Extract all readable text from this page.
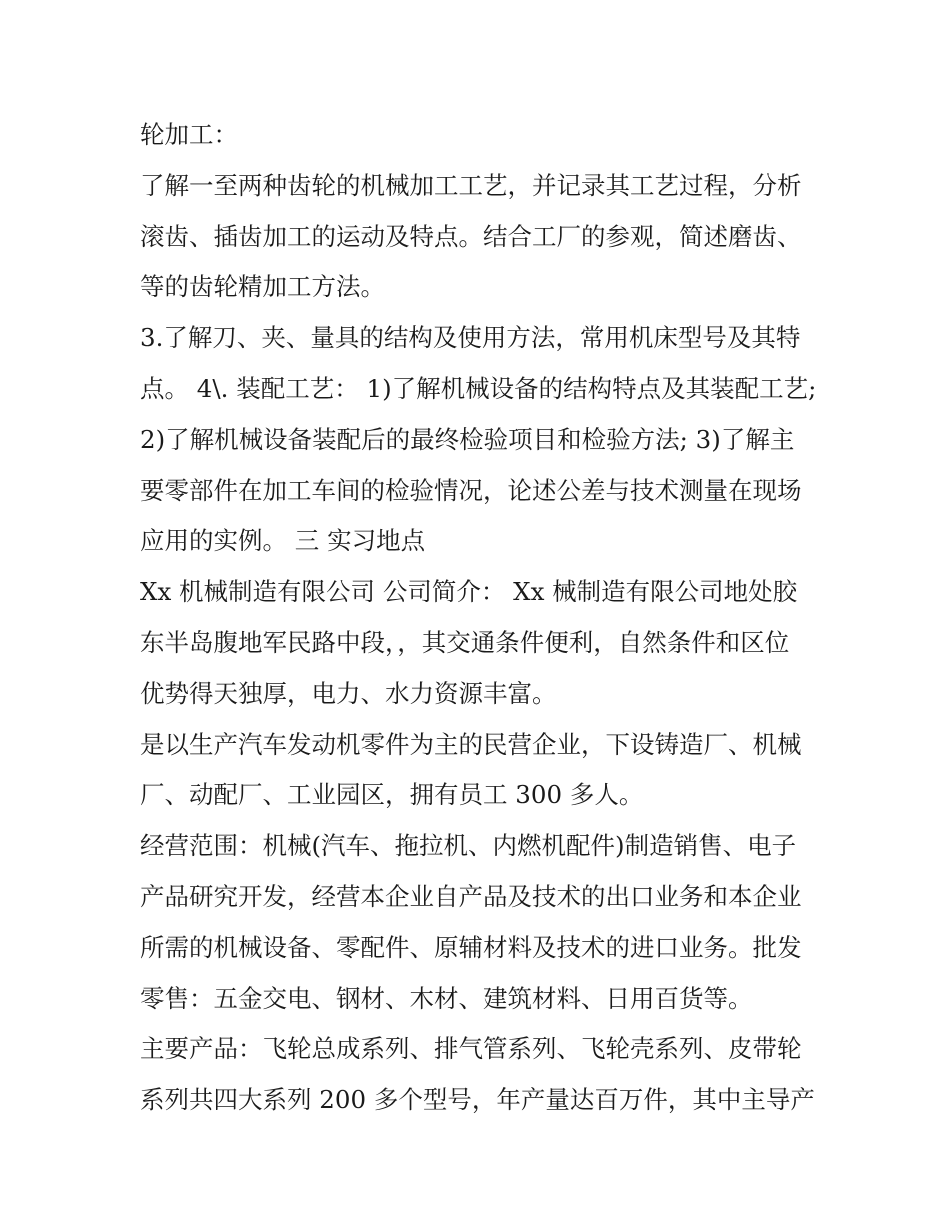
轮加工：
了解一至两种齿轮的机械加工工艺，并记录其工艺过程，分析
滚齿、插齿加工的运动及特点。结合工厂的参观，简述磨齿、
等的齿轮精加工方法。
3.了解刀、夹、量具的结构及使用方法，常用机床型号及其特
点。 4\. 装配工艺： 1)了解机械设备的结构特点及其装配工艺;
2)了解机械设备装配后的最终检验项目和检验方法; 3)了解主
要零部件在加工车间的检验情况，论述公差与技术测量在现场
应用的实例。 三 实习地点
Xx 机械制造有限公司 公司简介： Xx 械制造有限公司地处胶
东半岛腹地军民路中段，，其交通条件便利，自然条件和区位
优势得天独厚，电力、水力资源丰富。
是以生产汽车发动机零件为主的民营企业，下设铸造厂、机械
厂、动配厂、工业园区，拥有员工 300 多人。
经营范围：机械(汽车、拖拉机、内燃机配件)制造销售、电子
产品研究开发，经营本企业自产品及技术的出口业务和本企业
所需的机械设备、零配件、原辅材料及技术的进口业务。批发
零售：五金交电、钢材、木材、建筑材料、日用百货等。
主要产品：飞轮总成系列、排气管系列、飞轮壳系列、皮带轮
系列共四大系列 200 多个型号，年产量达百万件，其中主导产
